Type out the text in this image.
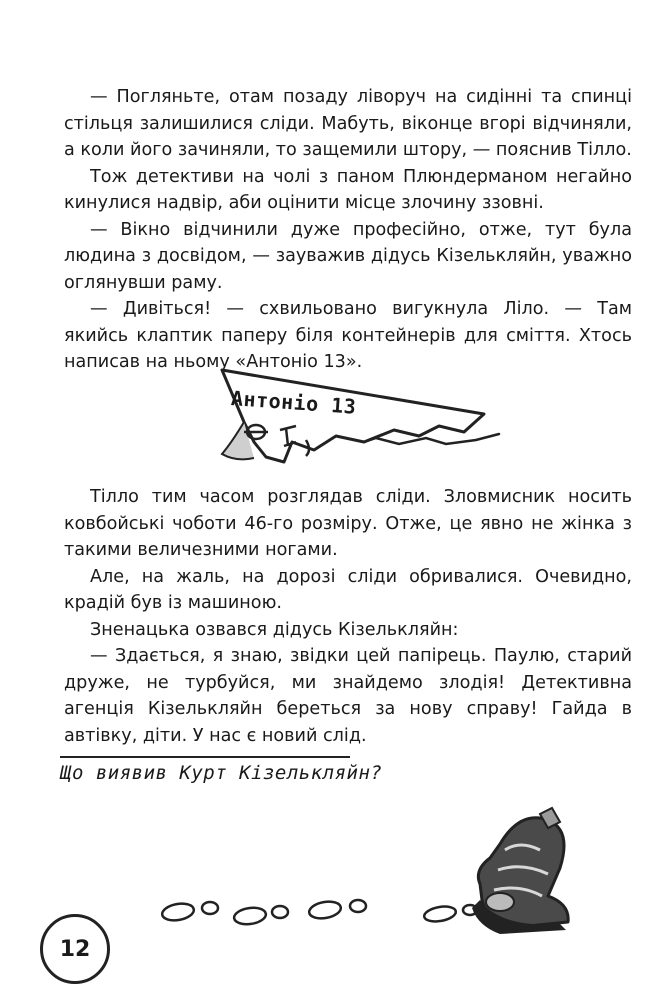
— Погляньте, отам позаду ліворуч на сидінні та спинці стільця залишилися сліди. Мабуть, віконце вгорі відчиняли, а коли його зачиняли, то защемили штору, — пояснив Тілло.

Тож детективи на чолі з паном Плюндерманом негайно кинулися надвір, аби оцінити місце злочину ззовні.

— Вікно відчинили дуже професійно, отже, тут була людина з досвідом, — зауважив дідусь Кізелькляйн, уважно оглянувши раму.

— Дивіться! — схвильовано вигукнула Ліло. — Там якийсь клаптик паперу біля контейнерів для сміття. Хтось написав на ньому «Антоніо 13».

Антоніо 13

Тілло тим часом розглядав сліди. Зловмисник носить ковбойські чоботи 46-го розміру. Отже, це явно не жінка з такими величезними ногами.

Але, на жаль, на дорозі сліди обривалися. Очевидно, крадій був із машиною.

Зненацька озвався дідусь Кізелькляйн:

— Здається, я знаю, звідки цей папірець. Паулю, старий друже, не турбуйся, ми знайдемо злодія! Детективна агенція Кізелькляйн береться за нову справу! Гайда в автівку, діти. У нас є новий слід.

Що виявив Курт Кізелькляйн?
12
